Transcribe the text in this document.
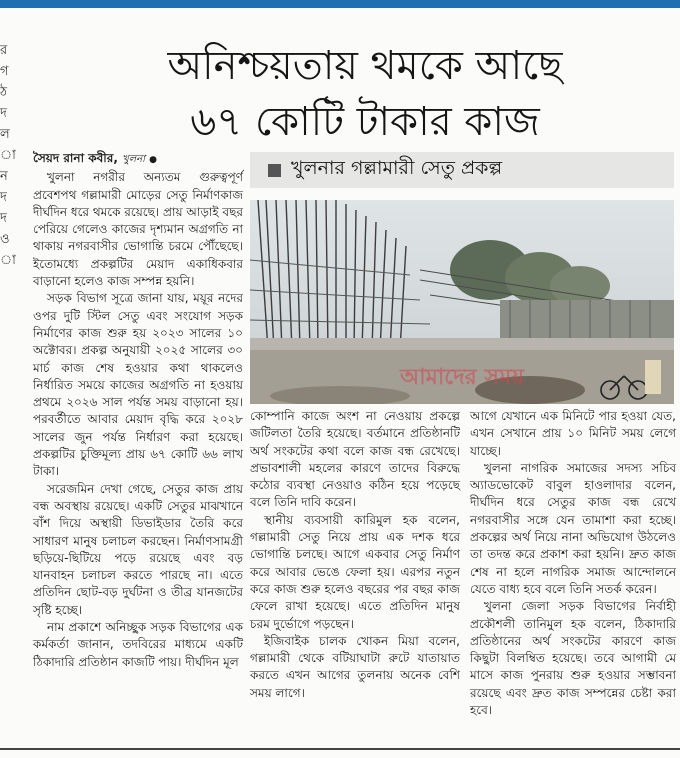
র
গ
ঠ
দ
ল
া
ন
দ
দ
ও
া
অনিশ্চয়তায় থমকে আছে
৬৭ কোটি টাকার কাজ

সৈয়দ রানা কবীর, খুলনা ●

খুলনা নগরীর অন্যতম গুরুত্বপূর্ণ প্রবেশপথ গল্লামারী মোড়ের সেতু নির্মাণকাজ দীর্ঘদিন ধরে থমকে রয়েছে। প্রায় আড়াই বছর পেরিয়ে গেলেও কাজের দৃশ্যমান অগ্রগতি না থাকায় নগরবাসীর ভোগান্তি চরমে পৌঁছেছে। ইতোমধ্যে প্রকল্পটির মেয়াদ একাধিকবার বাড়ানো হলেও কাজ সম্পন্ন হয়নি।

সড়ক বিভাগ সূত্রে জানা যায়, ময়ূর নদের ওপর দুটি স্টিল সেতু এবং সংযোগ সড়ক নির্মাণের কাজ শুরু হয় ২০২৩ সালের ১০ অক্টোবর। প্রকল্প অনুযায়ী ২০২৫ সালের ৩০ মার্চ কাজ শেষ হওয়ার কথা থাকলেও নির্ধারিত সময়ে কাজের অগ্রগতি না হওয়ায় প্রথমে ২০২৬ সাল পর্যন্ত সময় বাড়ানো হয়। পরবর্তীতে আবার মেয়াদ বৃদ্ধি করে ২০২৮ সালের জুন পর্যন্ত নির্ধারণ করা হয়েছে। প্রকল্পটির চুক্তিমূল্য প্রায় ৬৭ কোটি ৬৬ লাখ টাকা।

সরেজমিন দেখা গেছে, সেতুর কাজ প্রায় বন্ধ অবস্থায় রয়েছে। একটি সেতুর মাঝখানে বাঁশ দিয়ে অস্থায়ী ডিভাইডার তৈরি করে সাধারণ মানুষ চলাচল করছেন। নির্মাণসামগ্রী ছড়িয়ে-ছিটিয়ে পড়ে রয়েছে এবং বড় যানবাহন চলাচল করতে পারছে না। এতে প্রতিদিন ছোট-বড় দুর্ঘটনা ও তীব্র যানজটের সৃষ্টি হচ্ছে।

নাম প্রকাশে অনিচ্ছুক সড়ক বিভাগের এক কর্মকর্তা জানান, তদবিরের মাধ্যমে একটি ঠিকাদারি প্রতিষ্ঠান কাজটি পায়। দীর্ঘদিন মূল

খুলনার গল্লামারী সেতু প্রকল্প
আমাদের সময়

কোম্পানি কাজে অংশ না নেওয়ায় প্রকল্পে জটিলতা তৈরি হয়েছে। বর্তমানে প্রতিষ্ঠানটি অর্থ সংকটের কথা বলে কাজ বন্ধ রেখেছে। প্রভাবশালী মহলের কারণে তাদের বিরুদ্ধে কঠোর ব্যবস্থা নেওয়াও কঠিন হয়ে পড়েছে বলে তিনি দাবি করেন।

স্থানীয় ব্যবসায়ী কারিমুল হক বলেন, গল্লামারী সেতু নিয়ে প্রায় এক দশক ধরে ভোগান্তি চলছে। আগে একবার সেতু নির্মাণ করে আবার ভেঙে ফেলা হয়। এরপর নতুন করে কাজ শুরু হলেও বছরের পর বছর কাজ ফেলে রাখা হয়েছে। এতে প্রতিদিন মানুষ চরম দুর্ভোগে পড়ছেন।

ইজিবাইক চালক খোকন মিয়া বলেন, গল্লামারী থেকে বটিয়াঘাটা রুটে যাতায়াত করতে এখন আগের তুলনায় অনেক বেশি সময় লাগে।

আগে যেখানে এক মিনিটে পার হওয়া যেত, এখন সেখানে প্রায় ১০ মিনিট সময় লেগে যাচ্ছে।

খুলনা নাগরিক সমাজের সদস্য সচিব অ্যাডভোকেট বাবুল হাওলাদার বলেন, দীর্ঘদিন ধরে সেতুর কাজ বন্ধ রেখে নগরবাসীর সঙ্গে যেন তামাশা করা হচ্ছে। প্রকল্পের অর্থ নিয়ে নানা অভিযোগ উঠলেও তা তদন্ত করে প্রকাশ করা হয়নি। দ্রুত কাজ শেষ না হলে নাগরিক সমাজ আন্দোলনে যেতে বাধ্য হবে বলে তিনি সতর্ক করেন।

খুলনা জেলা সড়ক বিভাগের নির্বাহী প্রকৌশলী তানিমুল হক বলেন, ঠিকাদারি প্রতিষ্ঠানের অর্থ সংকটের কারণে কাজ কিছুটা বিলম্বিত হয়েছে। তবে আগামী মে মাসে কাজ পুনরায় শুরু হওয়ার সম্ভাবনা রয়েছে এবং দ্রুত কাজ সম্পন্নের চেষ্টা করা হবে।
